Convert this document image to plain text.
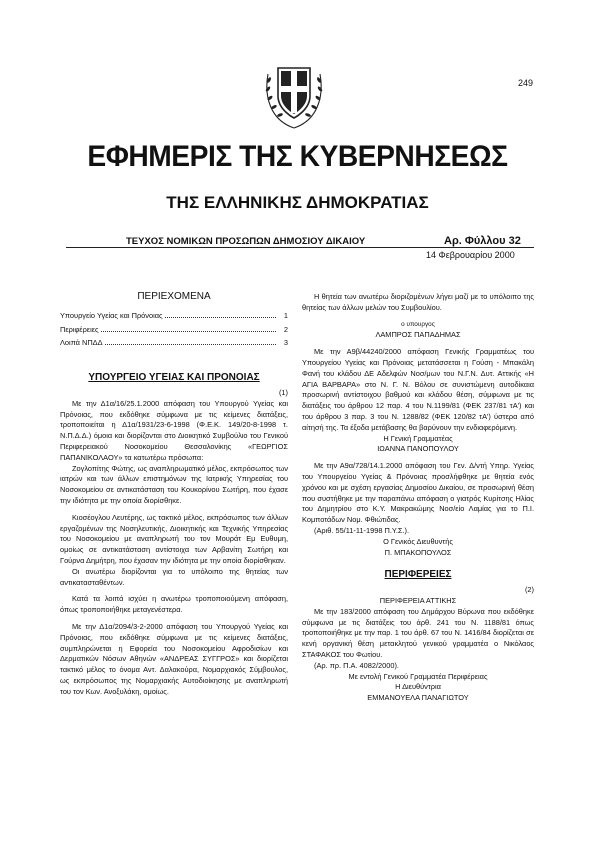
249
ΕΦΗΜΕΡΙΣ ΤΗΣ ΚΥΒΕΡΝΗΣΕΩΣ
ΤΗΣ ΕΛΛΗΝΙΚΗΣ ΔΗΜΟΚΡΑΤΙΑΣ
ΤΕΥΧΟΣ ΝΟΜΙΚΩΝ ΠΡΟΣΩΠΩΝ ΔΗΜΟΣΙΟΥ ΔΙΚΑΙΟΥ	Αρ. Φύλλου 32
14 Φεβρουαρίου 2000
ΠΕΡΙΕΧΟΜΕΝΑ
Υπουργείο Υγείας και Πρόνοιας	1
Περιφέρειες	2
Λοιπά ΝΠΔΔ	3
ΥΠΟΥΡΓΕΙΟ ΥΓΕΙΑΣ ΚΑΙ ΠΡΟΝΟΙΑΣ
(1)

Με την Δ1α/16/25.1.2000 απόφαση του Υπουργού Υγείας και Πρόνοιας, που εκδόθηκε σύμφωνα με τις κείμενες διατάξεις, τροποποιείται η Δ1α/1931/23-6-1998 (Φ.Ε.Κ. 149/20-8-1998 τ. Ν.Π.Δ.Δ.) όμοια και διορίζονται στο Διοικητικό Συμβούλιο του Γενικού Περιφερειακού Νοσοκομείου Θεσσαλονίκης «ΓΕΩΡΓΙΟΣ ΠΑΠΑΝΙΚΟΛΑΟΥ» τα κατωτέρω πρόσωπα:

Ζογλοπίτης Φώτης, ως αναπληρωματικό μέλος, εκπρόσωπος των ιατρών και των άλλων επιστημόνων της Ιατρικής Υπηρεσίας του Νοσοκομείου σε αντικατάσταση του Κουκορίνου Σωτήρη, που έχασε την ιδιότητα με την οποία διορίσθηκε.

Κιοσέογλου Λευτέρης, ως τακτικό μέλος, εκπρόσωπος των άλλων εργαζομένων της Νοσηλευτικής, Διοικητικής και Τεχνικής Υπηρεσίας του Νοσοκομείου με αναπληρωτή του τον Μουράτ Εμ Ευθυμη, ομοίως σε αντικατάσταση αντίστοιχα των Αρβανίτη Σωτήρη και Γούρνα Δημήτρη, που έχασαν την ιδιότητα με την οποία διορίσθηκαν.

Οι ανωτέρω διορίζονται για το υπόλοιπο της θητείας των αντικατασταθέντων.

Κατά τα λοιπά ισχύει η ανωτέρω τροποποιούμενη απόφαση, όπως τροποποιήθηκε μεταγενέστερα.

Με την Δ1α/2094/3-2-2000 απόφαση του Υπουργού Υγείας και Πρόνοιας, που εκδόθηκε σύμφωνα με τις κείμενες διατάξεις, συμπληρώνεται η Εφορεία του Νοσοκομείου Αφροδισίων και Δερματικών Νόσων Αθηνών «ΑΝΔΡΕΑΣ ΣΥΓΓΡΟΣ» και διορίζεται τακτικό μέλος το όνομα Αντ. Δαλακούρα, Νομαρχιακός Σύμβουλος, ως εκπρόσωπος της Νομαρχιακής Αυτοδιοίκησης με αναπληρωτή του τον Κων. Ανοξυλάκη, ομοίως.

Η θητεία των ανωτέρω διοριζομένων λήγει μαζί με το υπόλοιπο της θητείας των άλλων μελών του Συμβουλίου.

ο υπουργος
ΛΑΜΠΡΟΣ ΠΑΠΑΔΗΜΑΣ

Με την Α9β/44240/2000 απόφαση Γενικής Γραμματέως του Υπουργείου Υγείας και Πρόνοιας μετατάσσεται η Γούση - Μπακάλη Φανή του κλάδου ΔΕ Αδελφών Νοσ/μων του Ν.Γ.Ν. Δυτ. Αττικής «Η ΑΓΙΑ ΒΑΡΒΑΡΑ» στο Ν. Γ. Ν. Βόλου σε συνιστώμενη αυτοδίκαια προσωρινή αντίστοιχου βαθμού και κλάδου θέση, σύμφωνα με τις διατάξεις του άρθρου 12 παρ. 4 του Ν.1199/81 (ΦΕΚ 237/81 τΑ') και του άρθρου 3 παρ. 3 του Ν. 1288/82 (ΦΕΚ 120/82 τΑ') ύστερα από αίτησή της. Τα έξοδα μετάβασης θα βαρύνουν την ενδιαφερόμενη.

Η Γενική Γραμματέας
ΙΩΑΝΝΑ ΠΑΝΟΠΟΥΛΟΥ

Με την Α9α/728/14.1.2000 απόφαση του Γεν. Δ/ντή Υπηρ. Υγείας του Υπουργείου Υγείας & Πρόνοιας προσλήφθηκε με θητεία ενός χρόνου και με σχέση εργασίας Δημοσίου Δικαίου, σε προσωρινή θέση που συστήθηκε με την παραπάνω απόφαση ο γιατρός Κυρίτσης Ηλίας του Δημητρίου στο Κ.Υ. Μακρακώμης Νοσ/είο Λαμίας για το Π.Ι. Κομποτάδων Νομ. Φθιώτιδας.

(Αριθ. 55/11-11-1998 Π.Υ.Σ.).

Ο Γενικός Διευθυντής
Π. ΜΠΑΚΟΠΟΥΛΟΣ
ΠΕΡΙΦΕΡΕΙΕΣ
(2)
ΠΕΡΙΦΕΡΕΙΑ ΑΤΤΙΚΗΣ

Με την 183/2000 απόφαση του Δημάρχου Βύρωνα που εκδόθηκε σύμφωνα με τις διατάξεις του άρθ. 241 του Ν. 1188/81 όπως τροποποιήθηκε με την παρ. 1 του άρθ. 67 του Ν. 1416/84 διορίζεται σε κενή οργανική θέση μετακλητού γενικού γραμματέα ο Νικόλαος ΣΤΑΦΑΚΟΣ του Φωτίου.

(Αρ. πρ. Π.Α. 4082/2000).

Με εντολή Γενικού Γραμματέα Περιφέρειας
Η Διευθύντρια
ΕΜΜΑΝΟΥΕΛΑ ΠΑΝΑΓΙΩΤΟΥ
